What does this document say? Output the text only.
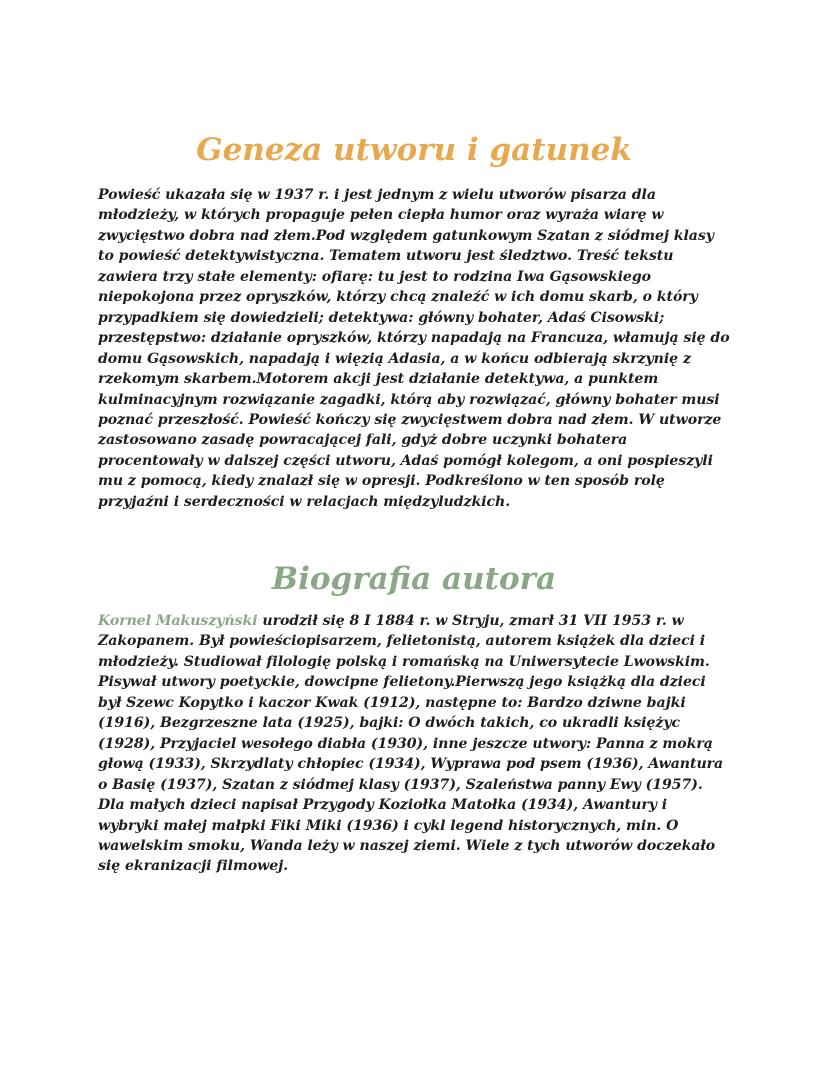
Geneza utworu i gatunek

Powieść ukazała się w 1937 r. i jest jednym z wielu utworów pisarza dla młodzieży, w których propaguje pełen ciepła humor oraz wyraża wiarę w zwycięstwo dobra nad złem.Pod względem gatunkowym Szatan z siódmej klasy to powieść detektywistyczna. Tematem utworu jest śledztwo. Treść tekstu zawiera trzy stałe elementy: ofiarę: tu jest to rodzina Iwa Gąsowskiego niepokojona przez opryszków, którzy chcą znaleźć w ich domu skarb, o który przypadkiem się dowiedzieli; detektywa: główny bohater, Adaś Cisowski; przestępstwo: działanie opryszków, którzy napadają na Francuza, włamują się do domu Gąsowskich, napadają i więzią Adasia, a w końcu odbierają skrzynię z rzekomym skarbem.Motorem akcji jest działanie detektywa, a punktem kulminacyjnym rozwiązanie zagadki, którą aby rozwiązać, główny bohater musi poznać przeszłość. Powieść kończy się zwycięstwem dobra nad złem. W utworze zastosowano zasadę powracającej fali, gdyż dobre uczynki bohatera procentowały w dalszej części utworu, Adaś pomógł kolegom, a oni pospieszyli mu z pomocą, kiedy znalazł się w opresji. Podkreślono w ten sposób rolę przyjaźni i serdeczności w relacjach międzyludzkich.

Biografia autora

Kornel Makuszyński urodził się 8 I 1884 r. w Stryju, zmarł 31 VII 1953 r. w Zakopanem. Był powieściopisarzem, felietonistą, autorem książek dla dzieci i młodzieży. Studiował filologię polską i romańską na Uniwersytecie Lwowskim. Pisywał utwory poetyckie, dowcipne felietony.Pierwszą jego książką dla dzieci był Szewc Kopytko i kaczor Kwak (1912), następne to: Bardzo dziwne bajki (1916), Bezgrzeszne lata (1925), bajki: O dwóch takich, co ukradli księżyc (1928), Przyjaciel wesołego diabła (1930), inne jeszcze utwory: Panna z mokrą głową (1933), Skrzydlaty chłopiec (1934), Wyprawa pod psem (1936), Awantura o Basię (1937), Szatan z siódmej klasy (1937), Szaleństwa panny Ewy (1957). Dla małych dzieci napisał Przygody Koziołka Matołka (1934), Awantury i wybryki małej małpki Fiki Miki (1936) i cykl legend historycznych, min. O wawelskim smoku, Wanda leży w naszej ziemi. Wiele z tych utworów doczekało się ekranizacji filmowej.
